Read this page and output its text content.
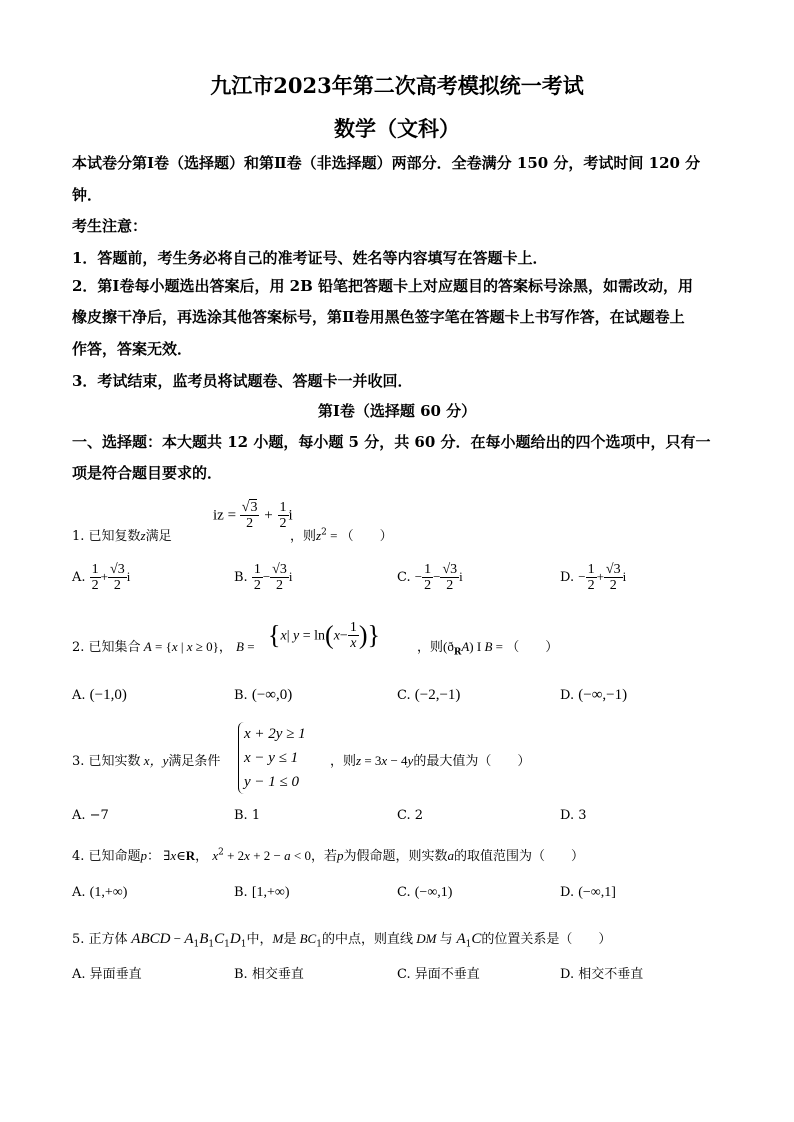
九江市2023年第二次高考模拟统一考试
数学（文科）
本试卷分第Ⅰ卷（选择题）和第Ⅱ卷（非选择题）两部分．全卷满分 150 分，考试时间 120 分
钟．
考生注意：
1．答题前，考生务必将自己的准考证号、姓名等内容填写在答题卡上．
2．第Ⅰ卷每小题选出答案后，用 2B 铅笔把答题卡上对应题目的答案标号涂黑，如需改动，用
橡皮擦干净后，再选涂其他答案标号，第Ⅱ卷用黑色签字笔在答题卡上书写作答，在试题卷上
作答，答案无效．
3．考试结束，监考员将试题卷、答题卡一并收回．
第Ⅰ卷（选择题 60 分）
一、选择题：本大题共 12 小题，每小题 5 分，共 60 分．在每小题给出的四个选项中，只有一
项是符合题目要求的．
1. 已知复数z满足
iz = $\frac{√3}{2} + \frac{1}{2}$ i
，则$z^2$ = （　　）
A. $\frac{1}{2} + \frac{√3}{2}$ i	B. $\frac{1}{2} - \frac{√3}{2}$ i	C. − $\frac{1}{2} - \frac{√3}{2}$ i	D. − $\frac{1}{2} + \frac{√3}{2}$ i
2. 已知集合 A = {x | x ≥ 0}， B = {x| $y = \ln(x- \frac{1}{x}$ )}	，则$(ð_RA)$ I B = （　　）
A. (−1,0)	B. (−∞,0)	C. (−2,−1)	D. (−∞,−1)
3. 已知实数 x，y满足条件
x + 2y ≥ 1
x − y ≤ 1
y − 1 ≤ 0
，则z = 3x − 4y的最大值为（　　）
A. −7	B. 1	C. 2	D. 3
4. 已知命题p： ∃x∈R， $x^2 + 2x + 2 - a < 0$，若p为假命题，则实数a的取值范围为（　　）
A. (1,+∞)	B. [1,+∞)	C. (−∞,1)	D. (−∞,1]
5. 正方体 ABCD − $A_1B_1C_1D_1$中，M是 $BC_1$的中点，则直线 DM 与 $A_1C$的位置关系是（　　）
A. 异面垂直	B. 相交垂直	C. 异面不垂直	D. 相交不垂直
